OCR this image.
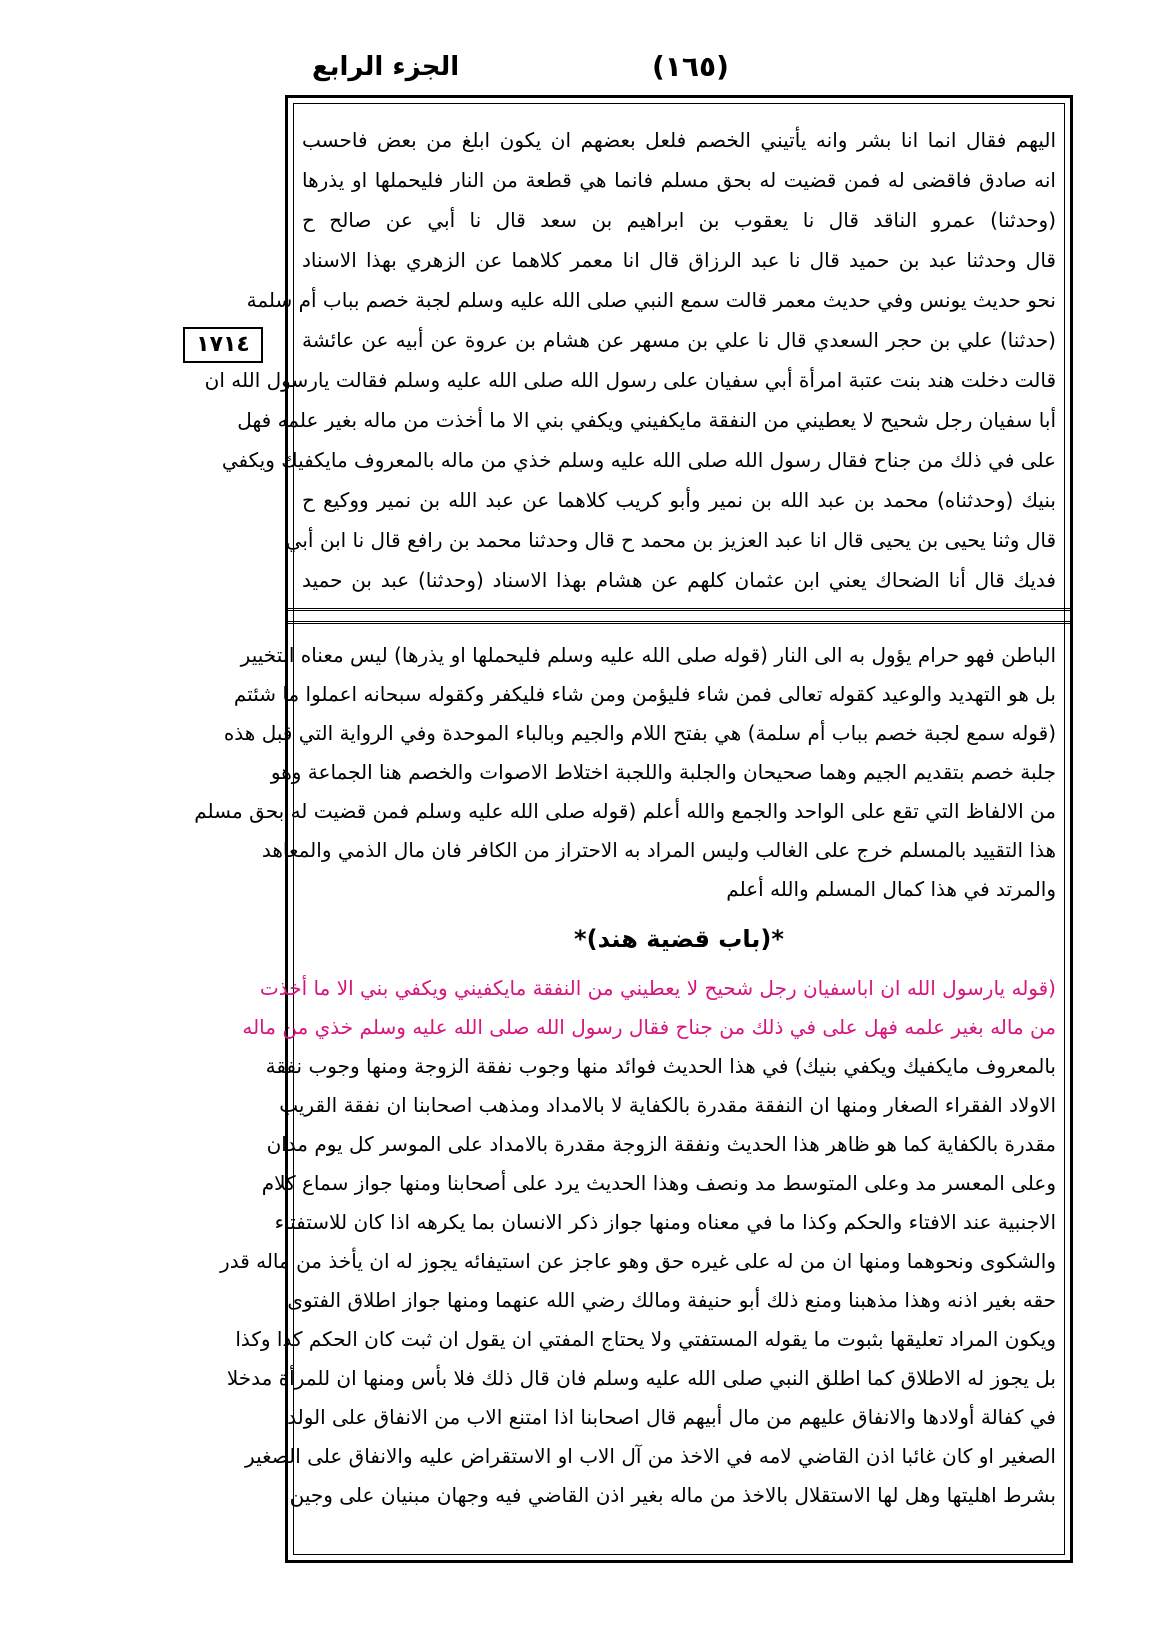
الجزء الرابع	(١٦٥)
١٧١٤
اليهم فقال انما انا بشر وانه يأتيني الخصم فلعل بعضهم ان يكون ابلغ من بعض فاحسب
انه صادق فاقضى له فمن قضيت له بحق مسلم فانما هي قطعة من النار فليحملها او يذرها
(وحدثنا) عمرو الناقد قال نا يعقوب بن ابراهيم بن سعد قال نا أبي عن صالح ح
قال وحدثنا عبد بن حميد قال نا عبد الرزاق قال انا معمر كلاهما عن الزهري بهذا الاسناد
نحو حديث يونس وفي حديث معمر قالت سمع النبي صلى الله عليه وسلم لجبة خصم بباب أم سلمة
(حدثنا) علي بن حجر السعدي قال نا علي بن مسهر عن هشام بن عروة عن أبيه عن عائشة
قالت دخلت هند بنت عتبة امرأة أبي سفيان على رسول الله صلى الله عليه وسلم فقالت يارسول الله ان
أبا سفيان رجل شحيح لا يعطيني من النفقة مايكفيني ويكفي بني الا ما أخذت من ماله بغير علمه فهل
على في ذلك من جناح فقال رسول الله صلى الله عليه وسلم خذي من ماله بالمعروف مايكفيك ويكفي
بنيك (وحدثناه) محمد بن عبد الله بن نمير وأبو كريب كلاهما عن عبد الله بن نمير ووكيع ح
قال وثنا يحيى بن يحيى قال انا عبد العزيز بن محمد ح قال وحدثنا محمد بن رافع قال نا ابن أبي
فديك قال أنا الضحاك يعني ابن عثمان كلهم عن هشام بهذا الاسناد (وحدثنا) عبد بن حميد
الباطن فهو حرام يؤول به الى النار (قوله صلى الله عليه وسلم فليحملها او يذرها) ليس معناه التخيير
بل هو التهديد والوعيد كقوله تعالى فمن شاء فليؤمن ومن شاء فليكفر وكقوله سبحانه اعملوا ما شئتم
(قوله سمع لجبة خصم بباب أم سلمة) هي بفتح اللام والجيم وبالباء الموحدة وفي الرواية التي قبل هذه
جلبة خصم بتقديم الجيم وهما صحيحان والجلبة واللجبة اختلاط الاصوات والخصم هنا الجماعة وهو
من الالفاظ التي تقع على الواحد والجمع والله أعلم (قوله صلى الله عليه وسلم فمن قضيت له بحق مسلم
هذا التقييد بالمسلم خرج على الغالب وليس المراد به الاحتراز من الكافر فان مال الذمي والمعاهد
والمرتد في هذا كمال المسلم والله أعلم
*(باب قضية هند)*
(قوله يارسول الله ان اباسفيان رجل شحيح لا يعطيني من النفقة مايكفيني ويكفي بني الا ما أخذت
من ماله بغير علمه فهل على في ذلك من جناح فقال رسول الله صلى الله عليه وسلم خذي من ماله
بالمعروف مايكفيك ويكفي بنيك) في هذا الحديث فوائد منها وجوب نفقة الزوجة ومنها وجوب نفقة
الاولاد الفقراء الصغار ومنها ان النفقة مقدرة بالكفاية لا بالامداد ومذهب اصحابنا ان نفقة القريب
مقدرة بالكفاية كما هو ظاهر هذا الحديث ونفقة الزوجة مقدرة بالامداد على الموسر كل يوم مدان
وعلى المعسر مد وعلى المتوسط مد ونصف وهذا الحديث يرد على أصحابنا ومنها جواز سماع كلام
الاجنبية عند الافتاء والحكم وكذا ما في معناه ومنها جواز ذكر الانسان بما يكرهه اذا كان للاستفتاء
والشكوى ونحوهما ومنها ان من له على غيره حق وهو عاجز عن استيفائه يجوز له ان يأخذ من ماله قدر
حقه بغير اذنه وهذا مذهبنا ومنع ذلك أبو حنيفة ومالك رضي الله عنهما ومنها جواز اطلاق الفتوى
ويكون المراد تعليقها بثبوت ما يقوله المستفتي ولا يحتاج المفتي ان يقول ان ثبت كان الحكم كذا وكذا
بل يجوز له الاطلاق كما اطلق النبي صلى الله عليه وسلم فان قال ذلك فلا بأس ومنها ان للمرأة مدخلا
في كفالة أولادها والانفاق عليهم من مال أبيهم قال اصحابنا اذا امتنع الاب من الانفاق على الولد
الصغير او كان غائبا اذن القاضي لامه في الاخذ من آل الاب او الاستقراض عليه والانفاق على الصغير
بشرط اهليتها وهل لها الاستقلال بالاخذ من ماله بغير اذن القاضي فيه وجهان مبنيان على وجين
